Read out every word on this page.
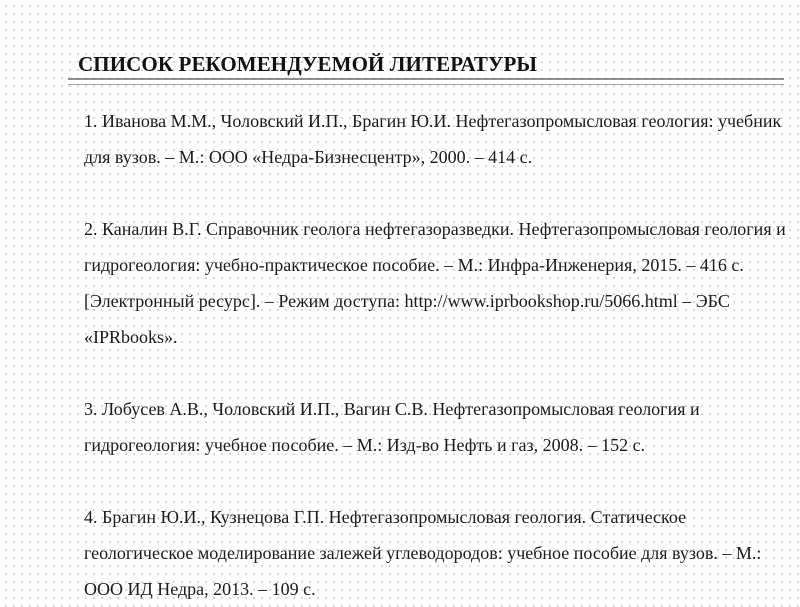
СПИСОК РЕКОМЕНДУЕМОЙ ЛИТЕРАТУРЫ

1. Иванова М.М., Чоловский И.П., Брагин Ю.И. Нефтегазопромысловая геология: учебник для вузов. – М.: ООО «Недра-Бизнесцентр», 2000. – 414 с.

2. Каналин В.Г. Справочник геолога нефтегазоразведки. Нефтегазопромысловая геология и гидрогеология: учебно-практическое пособие. – М.: Инфра-Инженерия, 2015. – 416 с. [Электронный ресурс]. – Режим доступа: http://www.iprbookshop.ru/5066.html – ЭБС «IPRbooks».

3. Лобусев А.В., Чоловский И.П., Вагин С.В. Нефтегазопромысловая геология и гидрогеология: учебное пособие. – М.: Изд-во Нефть и газ, 2008. – 152 с.

4. Брагин Ю.И., Кузнецова Г.П. Нефтегазопромысловая геология. Статическое геологическое моделирование залежей углеводородов: учебное пособие для вузов. – М.: ООО ИД Недра, 2013. – 109 с.
